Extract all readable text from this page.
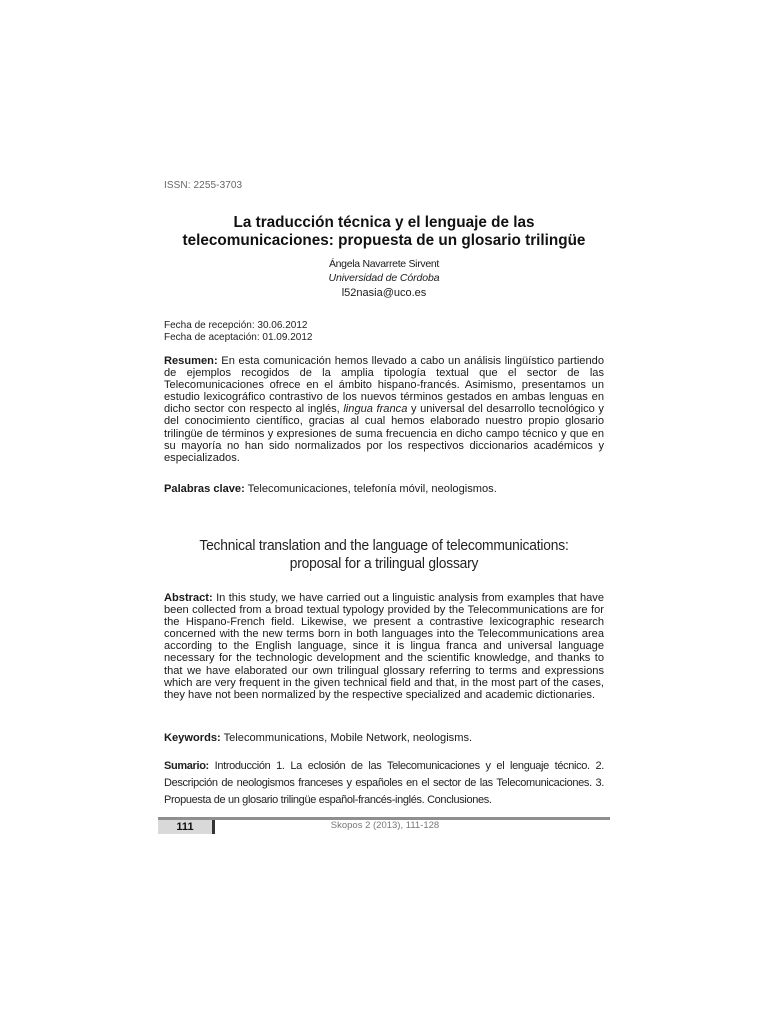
ISSN: 2255-3703
La traducción técnica y el lenguaje de las
telecomunicaciones: propuesta de un glosario trilingüe
Ángela Navarrete Sirvent
Universidad de Córdoba
l52nasia@uco.es
Fecha de recepción: 30.06.2012
Fecha de aceptación: 01.09.2012
Resumen: En esta comunicación hemos llevado a cabo un análisis lingüístico partiendo de ejemplos recogidos de la amplia tipología textual que el sector de las Telecomunicaciones ofrece en el ámbito hispano-francés. Asimismo, presentamos un estudio lexicográfico contrastivo de los nuevos términos gestados en ambas lenguas en dicho sector con respecto al inglés, lingua franca y universal del desarrollo tecnológico y del conocimiento científico, gracias al cual hemos elaborado nuestro propio glosario trilingüe de términos y expresiones de suma frecuencia en dicho campo técnico y que en su mayoría no han sido normalizados por los respectivos diccionarios académicos y especializados.
Palabras clave: Telecomunicaciones, telefonía móvil, neologismos.
Technical translation and the language of telecommunications:
proposal for a trilingual glossary
Abstract: In this study, we have carried out a linguistic analysis from examples that have been collected from a broad textual typology provided by the Telecommunications are for the Hispano-French field. Likewise, we present a contrastive lexicographic research concerned with the new terms born in both languages into the Telecommunications area according to the English language, since it is lingua franca and universal language necessary for the technologic development and the scientific knowledge, and thanks to that we have elaborated our own trilingual glossary referring to terms and expressions which are very frequent in the given technical field and that, in the most part of the cases, they have not been normalized by the respective specialized and academic dictionaries.
Keywords: Telecommunications, Mobile Network, neologisms.
Sumario: Introducción 1. La eclosión de las Telecomunicaciones y el lenguaje técnico. 2. Descripción de neologismos franceses y españoles en el sector de las Telecomunicaciones. 3. Propuesta de un glosario trilingüe español-francés-inglés. Conclusiones.
111	Skopos 2 (2013), 111-128
